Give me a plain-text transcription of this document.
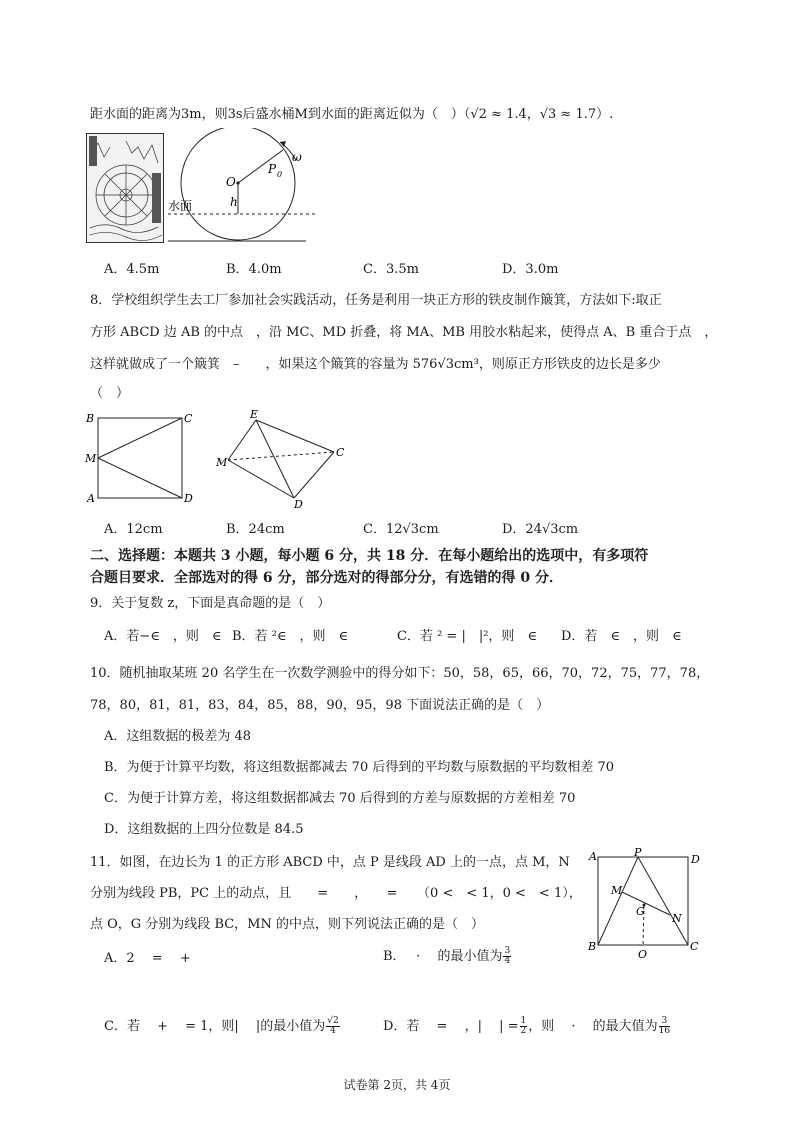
距水面的距离为3m，则3s后盛水桶M到水面的距离近似为（　）（√2 ≈ 1.4，√3 ≈ 1.7）.
O
P 0
h
ω
水面
A．4.5m	B．4.0m	C．3.5m	D．3.0m
8．学校组织学生去工厂参加社会实践活动，任务是利用一块正方形的铁皮制作簸箕，方法如下:取正
方形 ABCD 边 AB 的中点　，沿 MC、MD 折叠，将 MA、MB 用胶水粘起来，使得点 A、B 重合于点　，
这样就做成了一个簸箕　–　　，如果这个簸箕的容量为 576√3cm³，则原正方形铁皮的边长是多少
（　）
B	C
M
A	D
E
M
C
D
A．12cm	B．24cm	C．12√3cm	D．24√3cm
二、选择题：本题共 3 小题，每小题 6 分，共 18 分．在每小题给出的选项中，有多项符
合题目要求．全部选对的得 6 分，部分选对的得部分分，有选错的得 0 分．
9．关于复数 z，下面是真命题的是（　）
A．若−∈　，则　∈ B．若 ²∈　，则　∈	C．若 ² = |　|²，则　∈ D．若　∈　，则　∈
10．随机抽取某班 20 名学生在一次数学测验中的得分如下：50，58，65，66，70，72，75，77，78，
78，80，81，81，83，84，85，88，90，95，98 下面说法正确的是（　）
A．这组数据的极差为 48
B．为便于计算平均数，将这组数据都减去 70 后得到的平均数与原数据的平均数相差 70
C．为便于计算方差，将这组数据都减去 70 后得到的方差与原数据的方差相差 70
D．这组数据的上四分位数是 84.5
11．如图，在边长为 1 的正方形 ABCD 中，点 P 是线段 AD 上的一点，点 M，N
分别为线段 PB，PC 上的动点，且　　=　　，　　=　　（0 <　< 1，0 <　< 1），
点 O，G 分别为线段 BC，MN 的中点，则下列说法正确的是（　）
A	P
D
M
G
N
B
O
C
A．2　 =　 +	B．　 ·　 的最小值为 $\frac{3}{4}$
C．若 　+ 　= 1，则|　 |的最小值为 $\frac{√2}{4}$	D．若　 =　 ，|　 | = $\frac{1}{2}$ ，则　 ·　 的最大值为 $\frac{3}{16}$
试卷第 2页，共 4页
